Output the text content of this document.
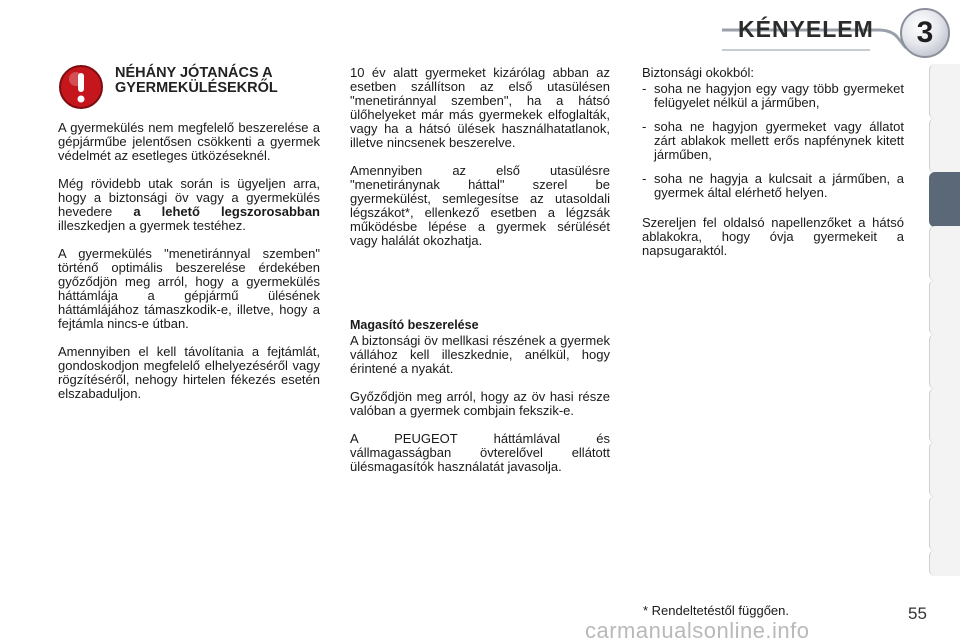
KÉNYELEM	3
NÉHÁNY JÓTANÁCS A
GYERMEKÜLÉSEKRŐL

A gyermekülés nem megfelelő beszerelése a gépjárműbe jelentősen csökkenti a gyermek védelmét az esetleges ütközéseknél.

Még rövidebb utak során is ügyeljen arra, hogy a biztonsági öv vagy a gyermekülés hevedere a lehető legszorosabban illeszkedjen a gyermek testéhez.

A gyermekülés "menetiránnyal szemben" történő optimális beszerelése érdekében győződjön meg arról, hogy a gyermekülés háttámlája a gépjármű ülésének háttámlájához támaszkodik-e, illetve, hogy a fejtámla nincs-e útban.

Amennyiben el kell távolítania a fejtámlát, gondoskodjon megfelelő elhelyezéséről vagy rögzítéséről, nehogy hirtelen fékezés esetén elszabaduljon.

10 év alatt gyermeket kizárólag abban az esetben szállítson az első utasülésen "menetiránnyal szemben", ha a hátsó ülőhelyeket már más gyermekek elfoglalták, vagy ha a hátsó ülések használhatatlanok, illetve nincsenek beszerelve.

Amennyiben az első utasülésre "menetiránynak háttal" szerel be gyermekülést, semlegesítse az utasoldali légszákot*, ellenkező esetben a légzsák működésbe lépése a gyermek sérülését vagy halálát okozhatja.

Magasító beszerelése

A biztonsági öv mellkasi részének a gyermek vállához kell illeszkednie, anélkül, hogy érintené a nyakát.

Győződjön meg arról, hogy az öv hasi része valóban a gyermek combjain fekszik-e.

A PEUGEOT háttámlával és vállmagasságban övterelővel ellátott ülésmagasítók használatát javasolja.

Biztonsági okokból:

- soha ne hagyjon egy vagy több gyermeket felügyelet nélkül a járműben,
- soha ne hagyjon gyermeket vagy állatot zárt ablakok mellett erős napfénynek kitett járműben,
- soha ne hagyja a kulcsait a járműben, a gyermek által elérhető helyen.

Szereljen fel oldalsó napellenzőket a hátsó ablakokra, hogy óvja gyermekeit a napsugaraktól.

* Rendeltetéstől függően.	55
carmanualsonline.info
